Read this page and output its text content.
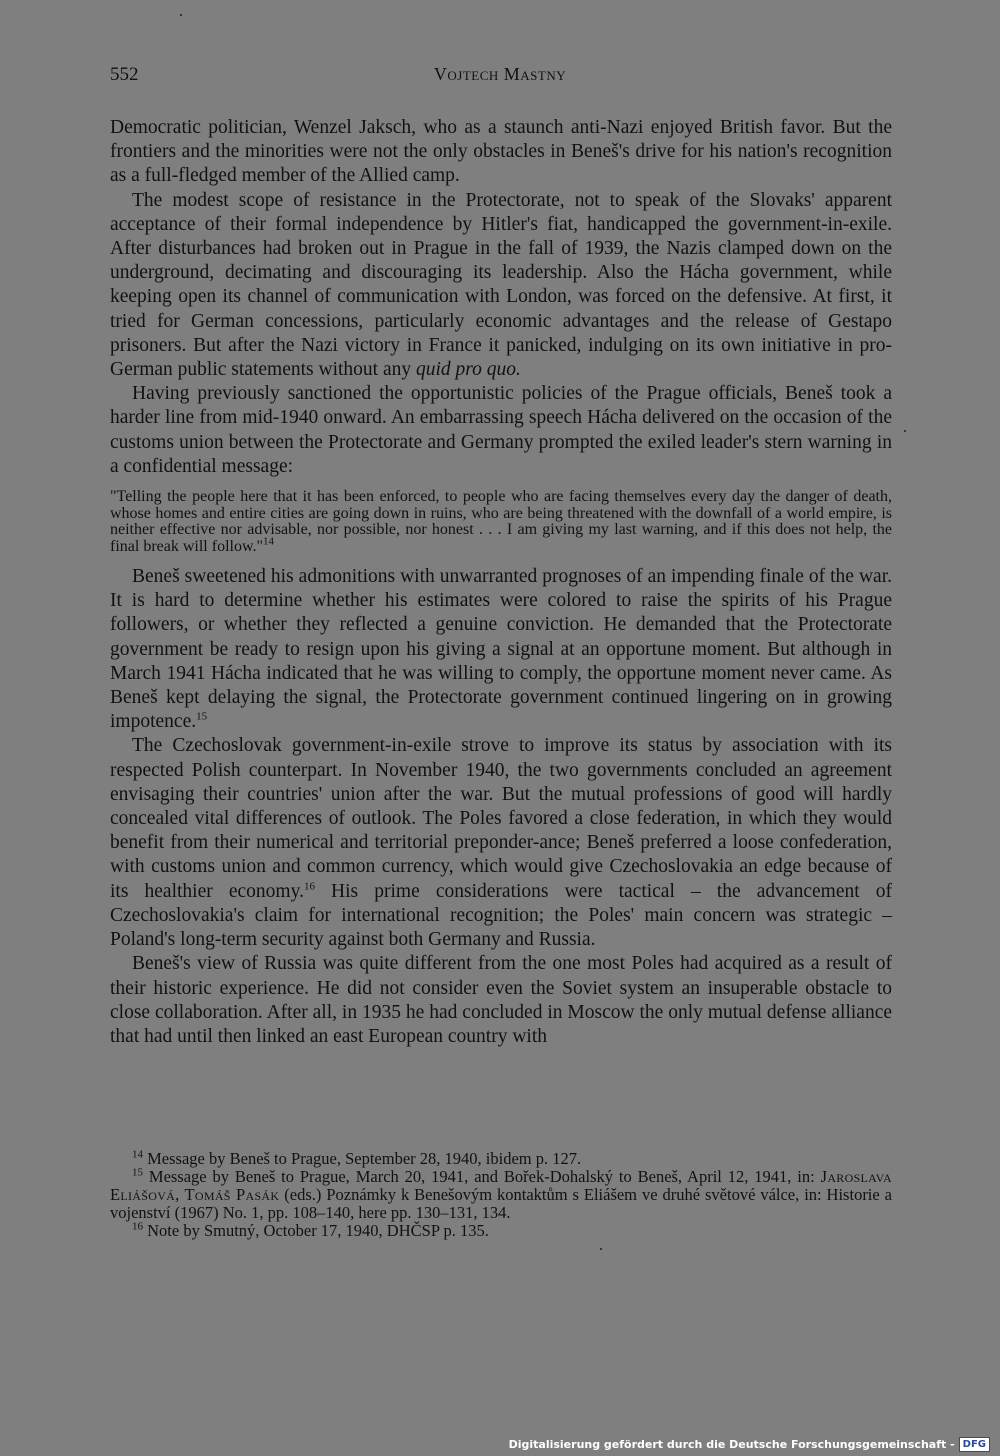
552	Vojtech Mastny

Democratic politician, Wenzel Jaksch, who as a staunch anti-Nazi enjoyed British favor. But the frontiers and the minorities were not the only obstacles in Beneš's drive for his nation's recognition as a full-fledged member of the Allied camp.

The modest scope of resistance in the Protectorate, not to speak of the Slovaks' apparent acceptance of their formal independence by Hitler's fiat, handicapped the government-in-exile. After disturbances had broken out in Prague in the fall of 1939, the Nazis clamped down on the underground, decimating and discouraging its leadership. Also the Hácha government, while keeping open its channel of communication with London, was forced on the defensive. At first, it tried for German concessions, particularly economic advantages and the release of Gestapo prisoners. But after the Nazi victory in France it panicked, indulging on its own initiative in pro-German public statements without any quid pro quo.

Having previously sanctioned the opportunistic policies of the Prague officials, Beneš took a harder line from mid-1940 onward. An embarrassing speech Hácha delivered on the occasion of the customs union between the Protectorate and Germany prompted the exiled leader's stern warning in a confidential message:

"Telling the people here that it has been enforced, to people who are facing themselves every day the danger of death, whose homes and entire cities are going down in ruins, who are being threatened with the downfall of a world empire, is neither effective nor advisable, nor possible, nor honest . . . I am giving my last warning, and if this does not help, the final break will follow."$^{14}$

Beneš sweetened his admonitions with unwarranted prognoses of an impending finale of the war. It is hard to determine whether his estimates were colored to raise the spirits of his Prague followers, or whether they reflected a genuine conviction. He demanded that the Protectorate government be ready to resign upon his giving a signal at an opportune moment. But although in March 1941 Hácha indicated that he was willing to comply, the opportune moment never came. As Beneš kept delaying the signal, the Protectorate government continued lingering on in growing impotence.$^{15}$

The Czechoslovak government-in-exile strove to improve its status by association with its respected Polish counterpart. In November 1940, the two governments concluded an agreement envisaging their countries' union after the war. But the mutual professions of good will hardly concealed vital differences of outlook. The Poles favored a close federation, in which they would benefit from their numerical and territorial preponder-ance; Beneš preferred a loose confederation, with customs union and common currency, which would give Czechoslovakia an edge because of its healthier economy.$^{16}$ His prime considerations were tactical – the advancement of Czechoslovakia's claim for international recognition; the Poles' main concern was strategic – Poland's long-term security against both Germany and Russia.

Beneš's view of Russia was quite different from the one most Poles had acquired as a result of their historic experience. He did not consider even the Soviet system an insuperable obstacle to close collaboration. After all, in 1935 he had concluded in Moscow the only mutual defense alliance that had until then linked an east European country with

$^{14}$ Message by Beneš to Prague, September 28, 1940, ibidem p. 127.

$^{15}$ Message by Beneš to Prague, March 20, 1941, and Bořek-Dohalský to Beneš, April 12, 1941, in: Jaroslava Eliášová, Tomáš Pasák (eds.) Poznámky k Benešovým kontaktům s Eliášem ve druhé světové válce, in: Historie a vojenství (1967) No. 1, pp. 108–140, here pp. 130–131, 134.

$^{16}$ Note by Smutný, October 17, 1940, DHČSP p. 135.

Digitalisierung gefördert durch die Deutsche Forschungsgemeinschaft - DFG
